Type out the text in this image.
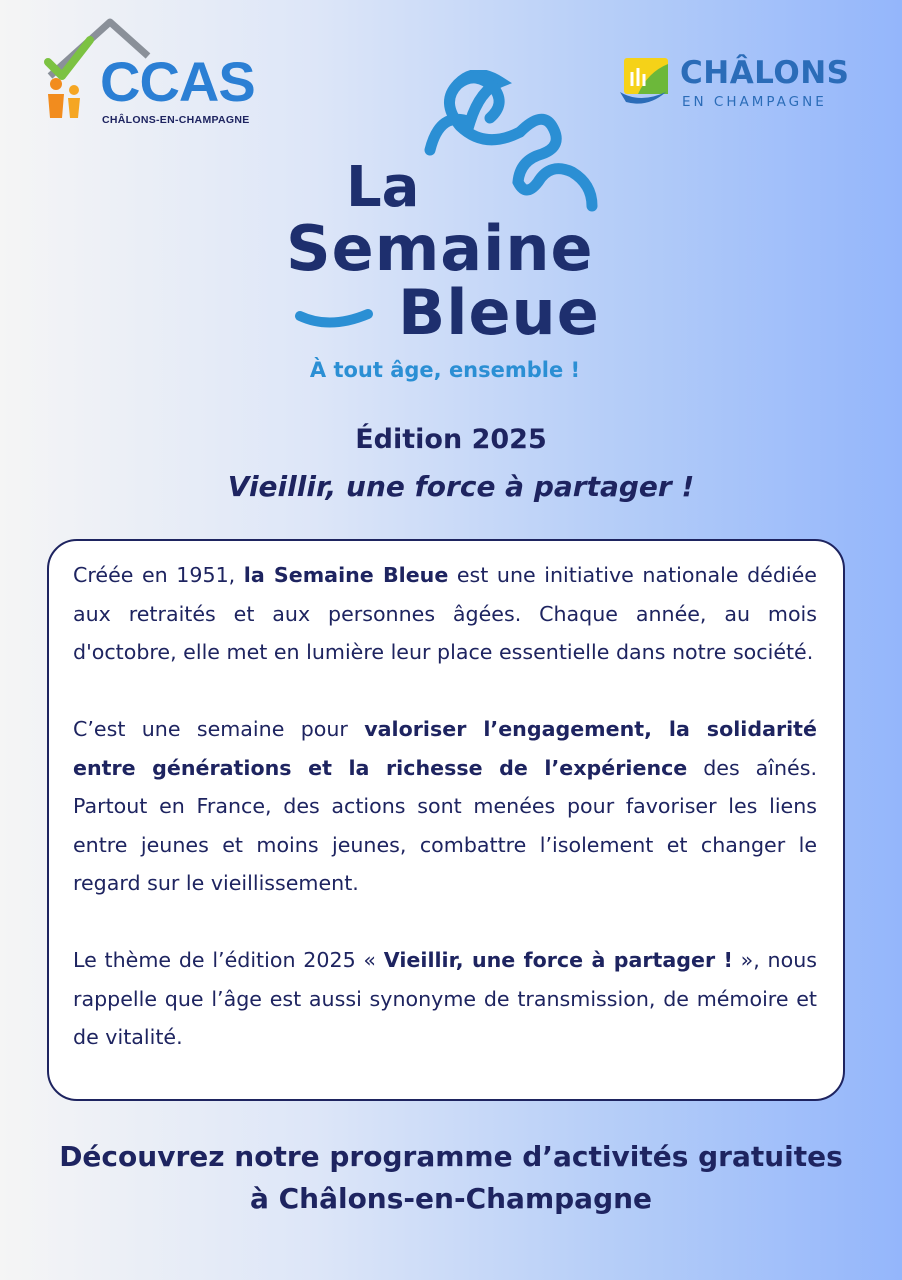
CCAS
CHÂLONS-EN-CHAMPAGNE
CHÂLONS
EN CHAMPAGNE
La
Semaine
Bleue
À tout âge, ensemble !
Édition 2025
Vieillir, une force à partager !

Créée en 1951, la Semaine Bleue est une initiative nationale dédiée aux retraités et aux personnes âgées. Chaque année, au mois d'octobre, elle met en lumière leur place essentielle dans notre société.

C’est une semaine pour valoriser l’engagement, la solidarité entre générations et la richesse de l’expérience des aînés. Partout en France, des actions sont menées pour favoriser les liens entre jeunes et moins jeunes, combattre l’isolement et changer le regard sur le vieillissement.

Le thème de l’édition 2025 « Vieillir, une force à partager ! », nous rappelle que l’âge est aussi synonyme de transmission, de mémoire et de vitalité.

Découvrez notre programme d’activités gratuites
à Châlons-en-Champagne
